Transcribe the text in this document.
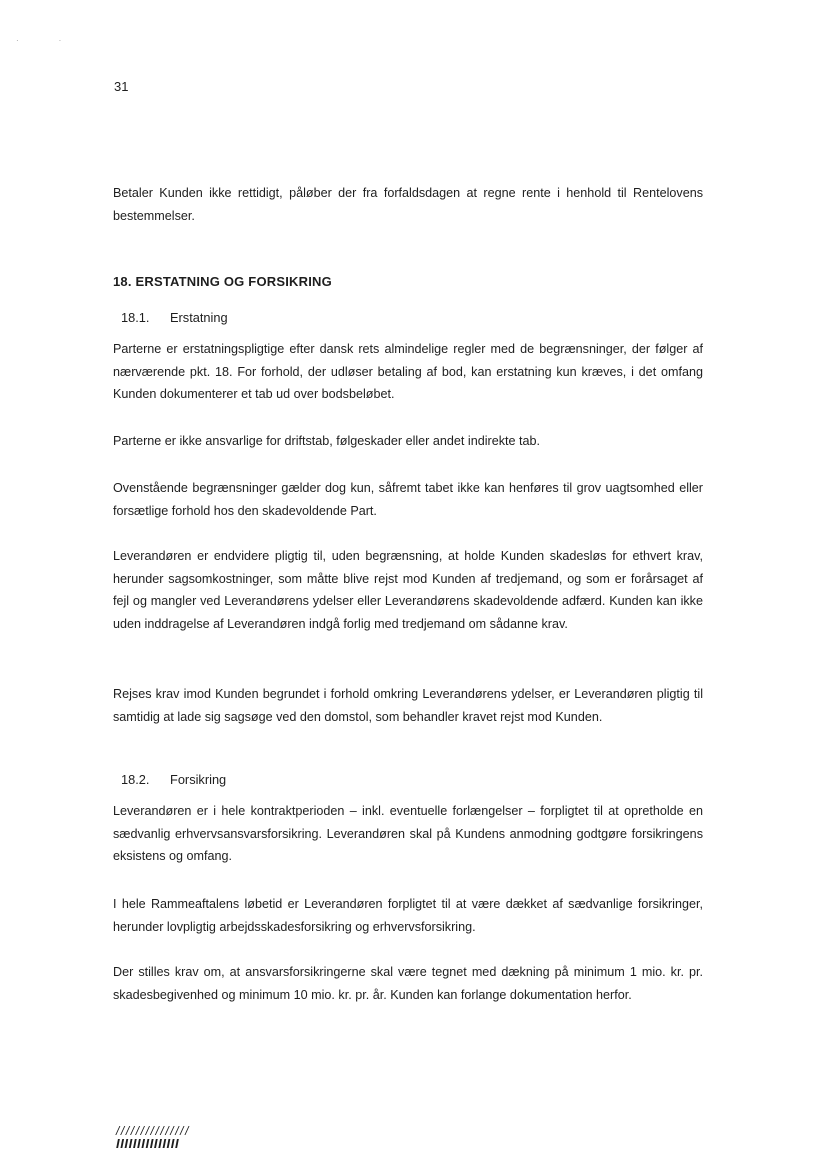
··
31
Betaler Kunden ikke rettidigt, påløber der fra forfaldsdagen at regne rente i henhold til Rentelovens bestemmelser.
18. ERSTATNING OG FORSIKRING
18.1. Erstatning
Parterne er erstatningspligtige efter dansk rets almindelige regler med de begrænsninger, der følger af nærværende pkt. 18. For forhold, der udløser betaling af bod, kan erstatning kun kræves, i det omfang Kunden dokumenterer et tab ud over bodsbeløbet.
Parterne er ikke ansvarlige for driftstab, følgeskader eller andet indirekte tab.
Ovenstående begrænsninger gælder dog kun, såfremt tabet ikke kan henføres til grov uagtsomhed eller forsætlige forhold hos den skadevoldende Part.
Leverandøren er endvidere pligtig til, uden begrænsning, at holde Kunden skadesløs for ethvert krav, herunder sagsomkostninger, som måtte blive rejst mod Kunden af tredjemand, og som er forårsaget af fejl og mangler ved Leverandørens ydelser eller Leverandørens skadevoldende adfærd. Kunden kan ikke uden inddragelse af Leverandøren indgå forlig med tredjemand om sådanne krav.
Rejses krav imod Kunden begrundet i forhold omkring Leverandørens ydelser, er Leverandøren pligtig til samtidig at lade sig sagsøge ved den domstol, som behandler kravet rejst mod Kunden.
18.2. Forsikring
Leverandøren er i hele kontraktperioden – inkl. eventuelle forlængelser – forpligtet til at opretholde en sædvanlig erhvervsansvarsforsikring. Leverandøren skal på Kundens anmodning godtgøre forsikringens eksistens og omfang.
I hele Rammeaftalens løbetid er Leverandøren forpligtet til at være dækket af sædvanlige forsikringer, herunder lovpligtig arbejdsskadesforsikring og erhvervsforsikring.
Der stilles krav om, at ansvarsforsikringerne skal være tegnet med dækning på minimum 1 mio. kr. pr. skadesbegivenhed og minimum 10 mio. kr. pr. år. Kunden kan forlange dokumentation herfor.
///////////////
IIIIIIIIIIIIIII
